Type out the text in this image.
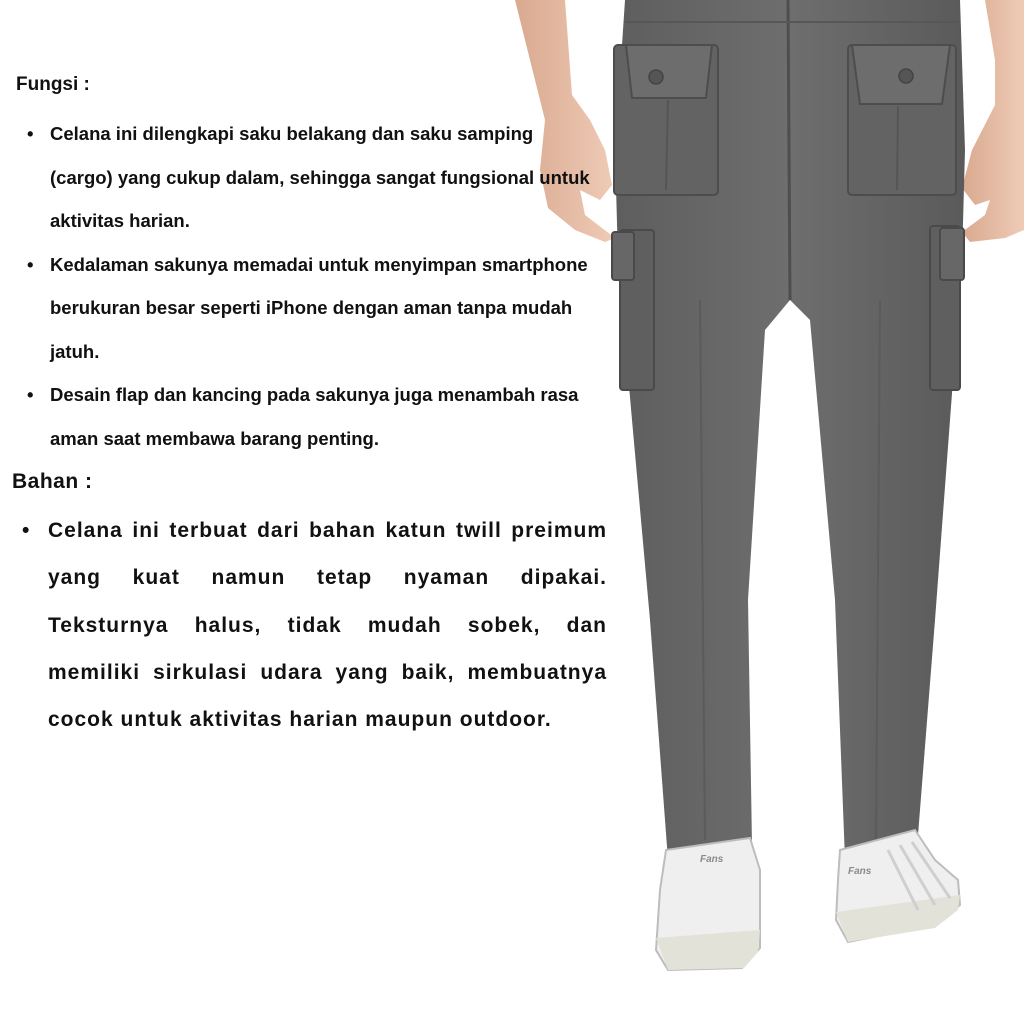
Fans
Fans
Fungsi :
• Celana ini dilengkapi saku belakang dan saku samping (cargo) yang cukup dalam, sehingga sangat fungsional untuk aktivitas harian.
• Kedalaman sakunya memadai untuk menyimpan smartphone berukuran besar seperti iPhone dengan aman tanpa mudah jatuh.
• Desain flap dan kancing pada sakunya juga menambah rasa aman saat membawa barang penting.
Bahan :
• Celana ini terbuat dari bahan katun twill preimum yang kuat namun tetap nyaman dipakai. Teksturnya halus, tidak mudah sobek, dan memiliki sirkulasi udara yang baik, membuatnya cocok untuk aktivitas harian maupun outdoor.
